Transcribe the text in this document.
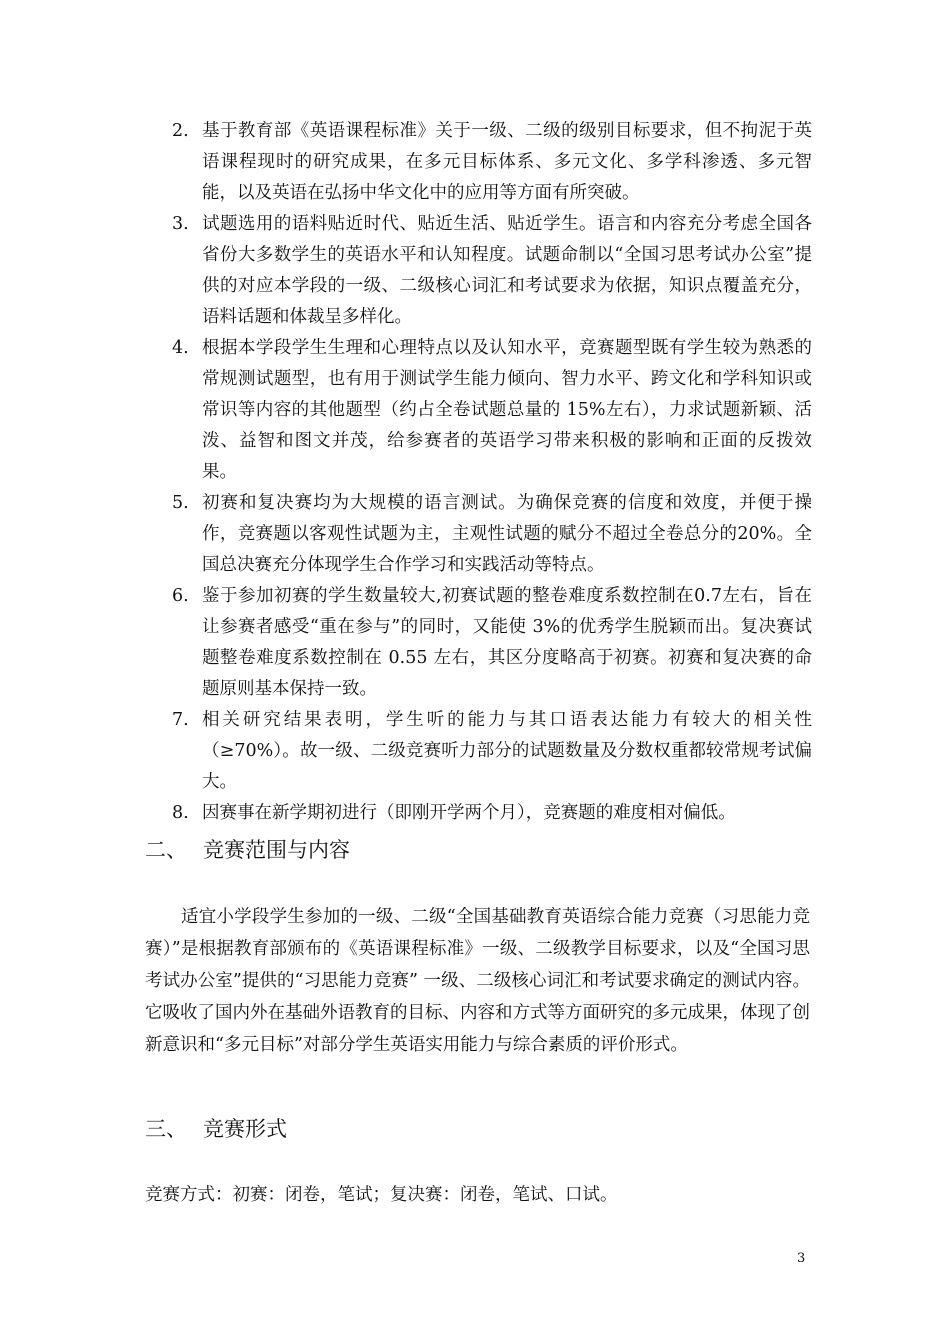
2. 基于教育部《英语课程标准》关于一级、二级的级别目标要求，但不拘泥于英语课程现时的研究成果，在多元目标体系、多元文化、多学科渗透、多元智能，以及英语在弘扬中华文化中的应用等方面有所突破。
3. 试题选用的语料贴近时代、贴近生活、贴近学生。语言和内容充分考虑全国各省份大多数学生的英语水平和认知程度。试题命制以“全国习思考试办公室”提供的对应本学段的一级、二级核心词汇和考试要求为依据，知识点覆盖充分，语料话题和体裁呈多样化。
4. 根据本学段学生生理和心理特点以及认知水平，竞赛题型既有学生较为熟悉的常规测试题型，也有用于测试学生能力倾向、智力水平、跨文化和学科知识或常识等内容的其他题型（约占全卷试题总量的 15%左右），力求试题新颖、活泼、益智和图文并茂，给参赛者的英语学习带来积极的影响和正面的反拨效果。
5. 初赛和复决赛均为大规模的语言测试。为确保竞赛的信度和效度，并便于操作，竞赛题以客观性试题为主，主观性试题的赋分不超过全卷总分的20%。全国总决赛充分体现学生合作学习和实践活动等特点。
6. 鉴于参加初赛的学生数量较大,初赛试题的整卷难度系数控制在0.7左右，旨在让参赛者感受“重在参与”的同时，又能使 3%的优秀学生脱颖而出。复决赛试题整卷难度系数控制在 0.55 左右，其区分度略高于初赛。初赛和复决赛的命题原则基本保持一致。
7. 相关研究结果表明，学生听的能力与其口语表达能力有较大的相关性（≥70%）。故一级、二级竞赛听力部分的试题数量及分数权重都较常规考试偏大。
8. 因赛事在新学期初进行（即刚开学两个月），竞赛题的难度相对偏低。
二、 竞赛范围与内容

适宜小学段学生参加的一级、二级“全国基础教育英语综合能力竞赛（习思能力竞赛）”是根据教育部颁布的《英语课程标准》一级、二级教学目标要求，以及“全国习思考试办公室”提供的“习思能力竞赛” 一级、二级核心词汇和考试要求确定的测试内容。它吸收了国内外在基础外语教育的目标、内容和方式等方面研究的多元成果，体现了创新意识和“多元目标”对部分学生英语实用能力与综合素质的评价形式。

三、 竞赛形式

竞赛方式：初赛：闭卷，笔试；复决赛：闭卷，笔试、口试。

3
